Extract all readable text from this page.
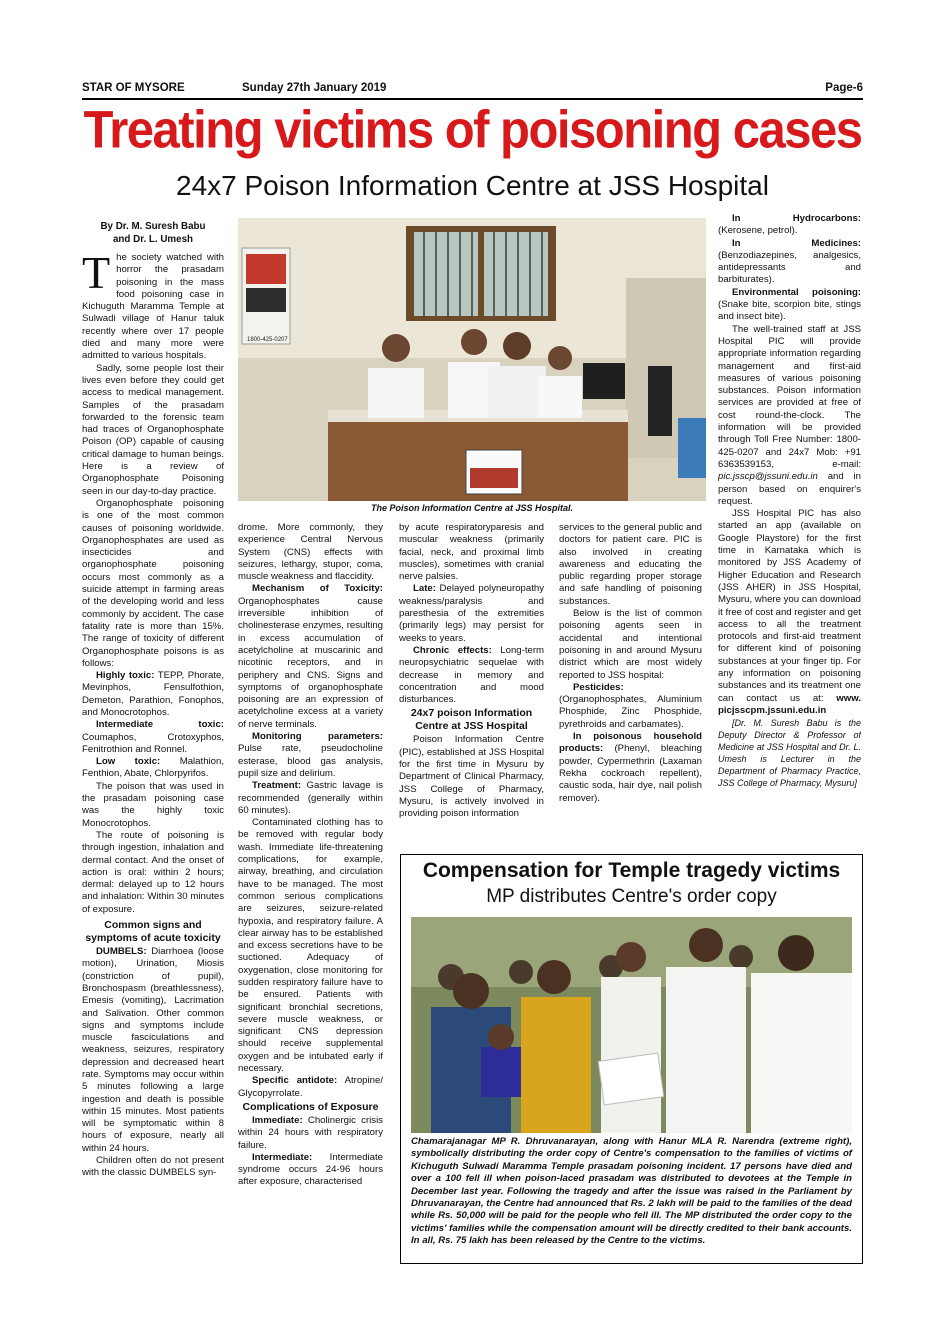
STAR OF MYSORE	Sunday 27th January 2019	Page-6
Treating victims of poisoning cases
24x7 Poison Information Centre at JSS Hospital
By Dr. M. Suresh Babu
and Dr. L. Umesh

The society watched with horror the prasadam poisoning in the mass food poisoning case in Kichuguth Maramma Temple at Sulwadi village of Hanur taluk recently where over 17 people died and many more were admitted to various hospitals.

Sadly, some people lost their lives even before they could get access to medical management. Samples of the prasadam forwarded to the forensic team had traces of Organophosphate Poison (OP) capable of causing critical damage to human beings. Here is a review of Organophosphate Poisoning seen in our day-to-day practice.

Organophosphate poisoning is one of the most common causes of poisoning worldwide. Organophosphates are used as insecticides and organophosphate poisoning occurs most commonly as a suicide attempt in farming areas of the developing world and less commonly by accident. The case fatality rate is more than 15%. The range of toxicity of different Organophosphate poisons is as follows:

Highly toxic: TEPP, Phorate, Mevinphos, Fensulfothion, Demeton, Parathion, Fonophos, and Monocrotophos.

Intermediate toxic: Coumaphos, Crotoxyphos, Fenitrothion and Ronnel.

Low toxic: Malathion, Fenthion, Abate, Chlorpyrifos.

The poison that was used in the prasadam poisoning case was the highly toxic Monocrotophos.

The route of poisoning is through ingestion, inhalation and dermal contact. And the onset of action is oral: within 2 hours; dermal: delayed up to 12 hours and inhalation: Within 30 minutes of exposure.

Common signs and symptoms of acute toxicity

DUMBELS: Diarrhoea (loose motion), Urination, Miosis (constriction of pupil), Bronchospasm (breathlessness), Emesis (vomiting), Lacrimation and Salivation. Other common signs and symptoms include muscle fasciculations and weakness, seizures, respiratory depression and decreased heart rate. Symptoms may occur within 5 minutes following a large ingestion and death is possible within 15 minutes. Most patients will be symptomatic within 8 hours of exposure, nearly all within 24 hours.

Children often do not present with the classic DUMBELS syn-

1800-425-0207
The Poison Information Centre at JSS Hospital.

drome. More commonly, they experience Central Nervous System (CNS) effects with seizures, lethargy, stupor, coma, muscle weakness and flaccidity.

Mechanism of Toxicity: Organophosphates cause irreversible inhibition of cholinesterase enzymes, resulting in excess accumulation of acetylcholine at muscarinic and nicotinic receptors, and in periphery and CNS. Signs and symptoms of organophosphate poisoning are an expression of acetylcholine excess at a variety of nerve terminals.

Monitoring parameters: Pulse rate, pseudocholine esterase, blood gas analysis, pupil size and delirium.

Treatment: Gastric lavage is recommended (generally within 60 minutes).

Contaminated clothing has to be removed with regular body wash. Immediate life-threatening complications, for example, airway, breathing, and circulation have to be managed. The most common serious complications are seizures, seizure-related hypoxia, and respiratory failure. A clear airway has to be established and excess secretions have to be suctioned. Adequacy of oxygenation, close monitoring for sudden respiratory failure have to be ensured. Patients with significant bronchial secretions, severe muscle weakness, or significant CNS depression should receive supplemental oxygen and be intubated early if necessary.

Specific antidote: Atropine/ Glycopyrrolate.

Complications of Exposure

Immediate: Cholinergic crisis within 24 hours with respiratory failure.

Intermediate: Intermediate syndrome occurs 24-96 hours after exposure, characterised

by acute respiratoryparesis and muscular weakness (primarily facial, neck, and proximal limb muscles), sometimes with cranial nerve palsies.

Late: Delayed polyneuropathy weakness/paralysis and paresthesia of the extremities (primarily legs) may persist for weeks to years.

Chronic effects: Long-term neuropsychiatric sequelae with decrease in memory and concentration and mood disturbances.

24x7 poison Information Centre at JSS Hospital

Poison Information Centre (PIC), established at JSS Hospital for the first time in Mysuru by Department of Clinical Pharmacy, JSS College of Pharmacy, Mysuru, is actively involved in providing poison information

services to the general public and doctors for patient care. PIC is also involved in creating awareness and educating the public regarding proper storage and safe handling of poisoning substances.

Below is the list of common poisoning agents seen in accidental and intentional poisoning in and around Mysuru district which are most widely reported to JSS hospital:

Pesticides: (Organophosphates, Aluminium Phosphide, Zinc Phosphide, pyrethroids and carbamates).

In poisonous household products: (Phenyl, bleaching powder, Cypermethrin (Laxaman Rekha cockroach repellent), caustic soda, hair dye, nail polish remover).

In Hydrocarbons: (Kerosene, petrol).

In Medicines: (Benzodiazepines, analgesics, antidepressants and barbiturates).

Environmental poisoning: (Snake bite, scorpion bite, stings and insect bite).

The well-trained staff at JSS Hospital PIC will provide appropriate information regarding management and first-aid measures of various poisoning substances. Poison information services are provided at free of cost round-the-clock. The information will be provided through Toll Free Number: 1800-425-0207 and 24x7 Mob: +91 6363539153, e-mail: pic.jsscp@jssuni.edu.in and in person based on enquirer's request.

JSS Hospital PIC has also started an app (available on Google Playstore) for the first time in Karnataka which is monitored by JSS Academy of Higher Education and Research (JSS AHER) in JSS Hospital, Mysuru, where you can download it free of cost and register and get access to all the treatment protocols and first-aid treatment for different kind of poisoning substances at your finger tip. For any information on poisoning substances and its treatment one can contact us at: www. picjsscpm.jssuni.edu.in

[Dr. M. Suresh Babu is the Deputy Director & Professor of Medicine at JSS Hospital and Dr. L. Umesh is Lecturer in the Department of Pharmacy Practice, JSS College of Pharmacy, Mysuru]

Compensation for Temple tragedy victims
MP distributes Centre's order copy
Chamarajanagar MP R. Dhruvanarayan, along with Hanur MLA R. Narendra (extreme right), symbolically distributing the order copy of Centre's compensation to the families of victims of Kichuguth Sulwadi Maramma Temple prasadam poisoning incident. 17 persons have died and over a 100 fell ill when poison-laced prasadam was distributed to devotees at the Temple in December last year. Following the tragedy and after the issue was raised in the Parliament by Dhruvanarayan, the Centre had announced that Rs. 2 lakh will be paid to the families of the dead while Rs. 50,000 will be paid for the people who fell ill. The MP distributed the order copy to the victims' families while the compensation amount will be directly credited to their bank accounts. In all, Rs. 75 lakh has been released by the Centre to the victims.
